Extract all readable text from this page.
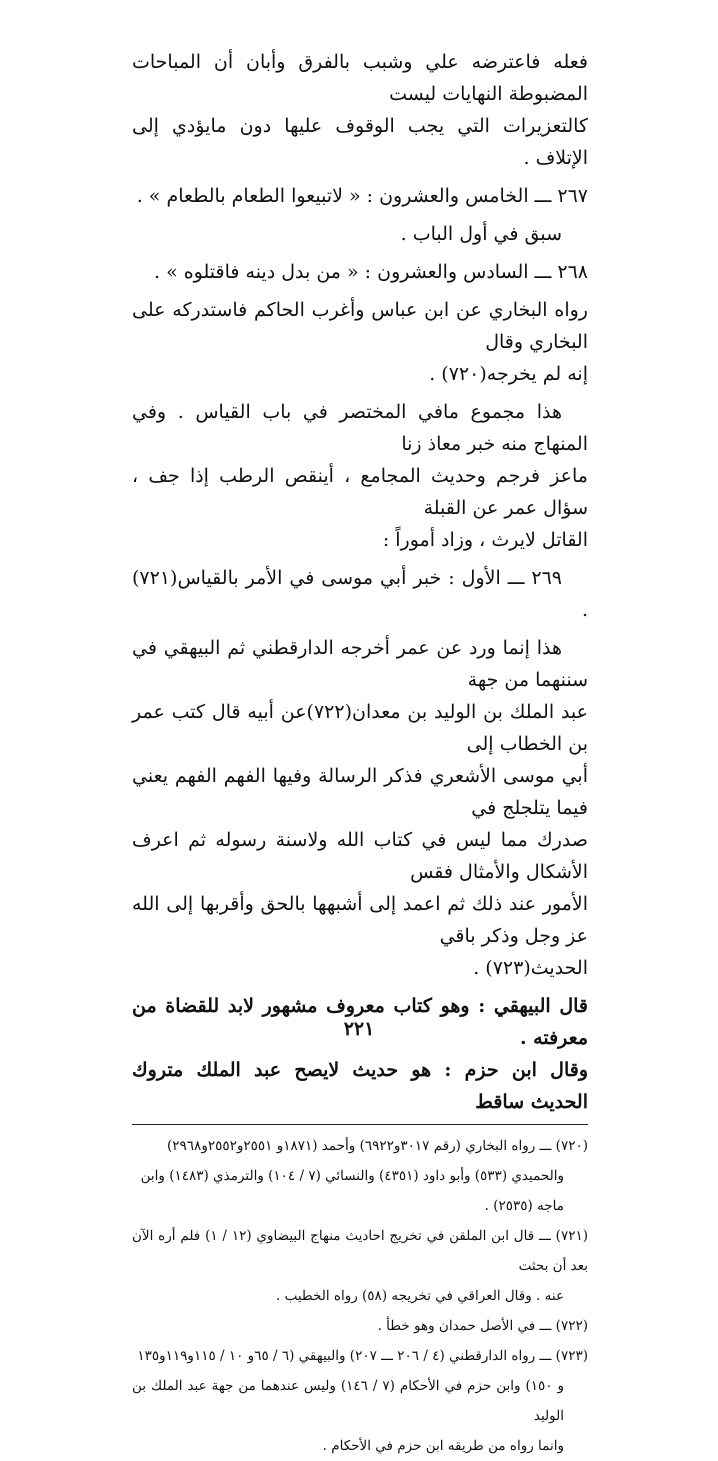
فعله فاعترضه علي وشبب بالفرق وأبان أن المباحات المضبوطة النهايات ليست

كالتعزيرات التي يجب الوقوف عليها دون مايؤدي إلى الإتلاف .

٢٦٧ ـــ الخامس والعشرون : « لاتبيعوا الطعام بالطعام » .

سبق في أول الباب .

٢٦٨ ـــ السادس والعشرون : « من بدل دينه فاقتلوه » .

رواه البخاري عن ابن عباس وأغرب الحاكم فاستدركه على البخاري وقال

إنه لم يخرجه(٧٢٠) .

هذا مجموع مافي المختصر في باب القياس . وفي المنهاج منه خبر معاذ زنا

ماعز فرجم وحديث المجامع ، أينقص الرطب إذا جف ، سؤال عمر عن القبلة

القاتل لايرث ، وزاد أموراً :

٢٦٩ ـــ الأول : خبر أبي موسى في الأمر بالقياس(٧٢١) .

هذا إنما ورد عن عمر أخرجه الدارقطني ثم البيهقي في سننهما من جهة

عبد الملك بن الوليد بن معدان(٧٢٢)عن أبيه قال كتب عمر بن الخطاب إلى

أبي موسى الأشعري فذكر الرسالة وفيها الفهم الفهم يعني فيما يتلجلج في

صدرك مما ليس في كتاب الله ولاسنة رسوله ثم اعرف الأشكال والأمثال فقس

الأمور عند ذلك ثم اعمد إلى أشبهها بالحق وأقربها إلى الله عز وجل وذكر باقي

الحديث(٧٢٣) .

قال البيهقي : وهو كتاب معروف مشهور لابد للقضاة من معرفته .

وقال ابن حزم : هو حديث لايصح عبد الملك متروك الحديث ساقط

(٧٢٠) ـــ رواه البخاري (رقم ٣٠١٧و٦٩٢٢) وأحمد (١٨٧١و ٢٥٥١و٢٥٥٢و٢٩٦٨)

والحميدي (٥٣٣) وأبو داود (٤٣٥١) والنسائي (٧ / ١٠٤) والترمذي (١٤٨٣) وابن

ماجه (٢٥٣٥) .

(٧٢١) ـــ قال ابن الملقن في تخريج احاديث منهاج البيضاوي (١٢ / ١) فلم أره الآن بعد أن بحثت

عنه . وقال العراقي في تخريجه (٥٨) رواه الخطيب .

(٧٢٢) ـــ في الأصل حمدان وهو خطأ .

(٧٢٣) ـــ رواه الدارقطني (٤ / ٢٠٦ ـــ ٢٠٧) والبيهقي (٦ / ٦٥و ١٠ / ١١٥و١١٩و١٣٥

و ١٥٠) وابن حزم في الأحكام (٧ / ١٤٦) وليس عندهما من جهة عبد الملك بن الوليد

وانما رواه من طريقه ابن حزم في الأحكام .

٢٢١
